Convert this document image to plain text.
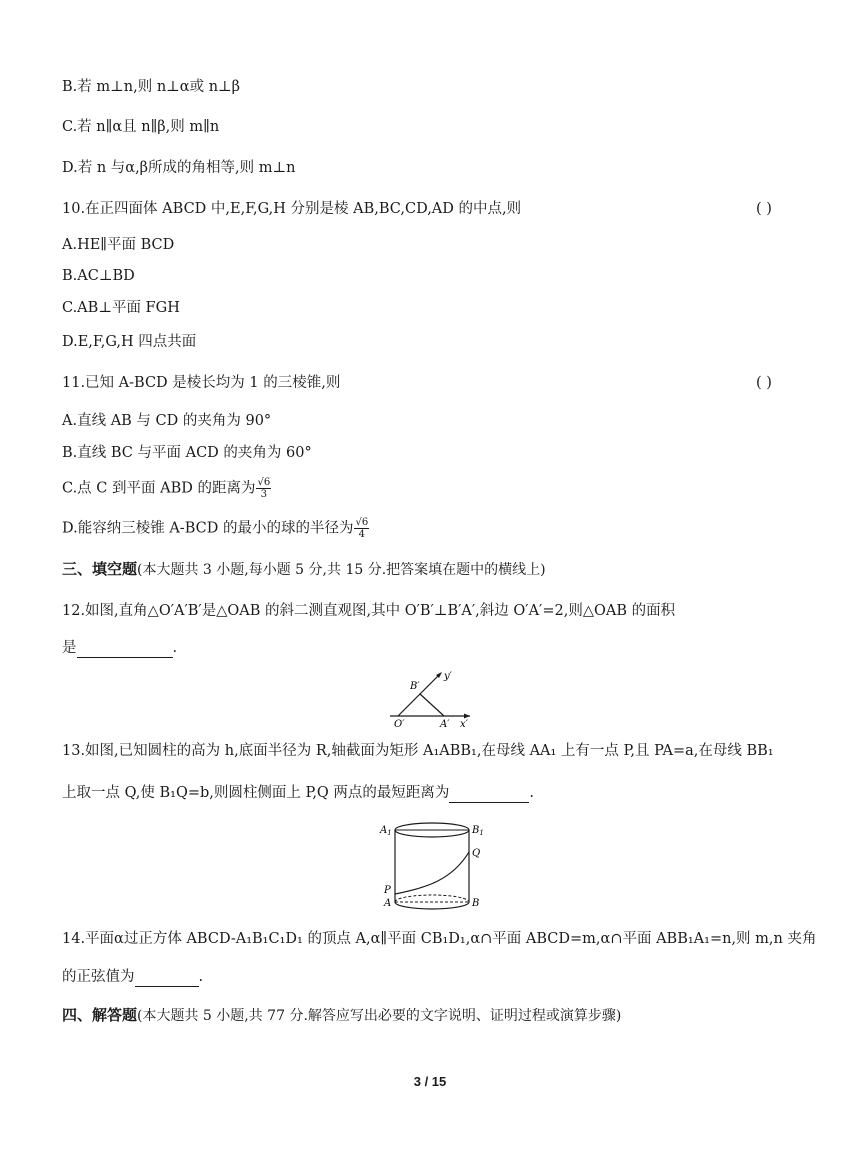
B.若 m⊥n,则 n⊥α或 n⊥β
C.若 n∥α且 n∥β,则 m∥n
D.若 n 与α,β所成的角相等,则 m⊥n
10.在正四面体 ABCD 中,E,F,G,H 分别是棱 AB,BC,CD,AD 的中点,则	( )
A.HE∥平面 BCD
B.AC⊥BD
C.AB⊥平面 FGH
D.E,F,G,H 四点共面
11.已知 A-BCD 是棱长均为 1 的三棱锥,则	( )
A.直线 AB 与 CD 的夹角为 90°
B.直线 BC 与平面 ACD 的夹角为 60°
C.点 C 到平面 ABD 的距离为 $\frac{√6}{3}$
D.能容纳三棱锥 A-BCD 的最小的球的半径为 $\frac{√6}{4}$
三、填空题(本大题共 3 小题,每小题 5 分,共 15 分.把答案填在题中的横线上)
12.如图,直角△O′A′B′是△OAB 的斜二测直观图,其中 O′B′⊥B′A′,斜边 O′A′=2,则△OAB 的面积
是	.
B′
y′
O′	A′ x′
13.如图,已知圆柱的高为 h,底面半径为 R,轴截面为矩形 A₁ABB₁,在母线 AA₁ 上有一点 P,且 PA=a,在母线 BB₁
上取一点 Q,使 B₁Q=b,则圆柱侧面上 P,Q 两点的最短距离为	.
$A_1$	$B_1$
Q
P
A	B
14.平面α过正方体 ABCD-A₁B₁C₁D₁ 的顶点 A,α∥平面 CB₁D₁,α∩平面 ABCD=m,α∩平面 ABB₁A₁=n,则 m,n 夹角
的正弦值为	.
四、解答题(本大题共 5 小题,共 77 分.解答应写出必要的文字说明、证明过程或演算步骤)
3 / 15
